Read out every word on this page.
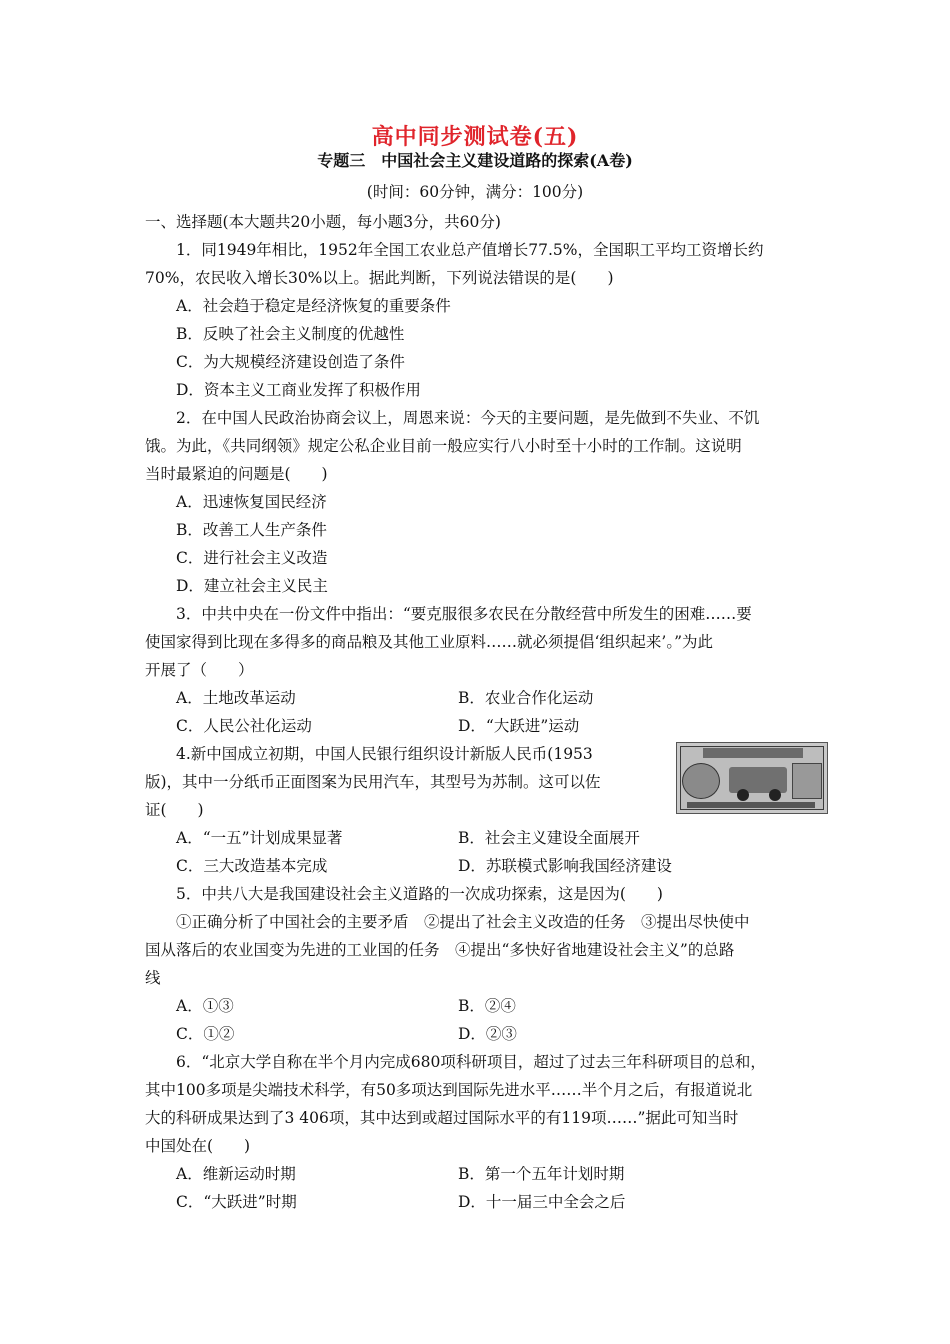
高中同步测试卷(五)
专题三　中国社会主义建设道路的探索(A卷)
(时间：60分钟，满分：100分)
一、选择题(本大题共20小题，每小题3分，共60分)
1．同1949年相比，1952年全国工农业总产值增长77.5%，全国职工平均工资增长约
70%，农民收入增长30%以上。据此判断，下列说法错误的是(　　)
A．社会趋于稳定是经济恢复的重要条件
B．反映了社会主义制度的优越性
C．为大规模经济建设创造了条件
D．资本主义工商业发挥了积极作用
2．在中国人民政治协商会议上，周恩来说：今天的主要问题，是先做到不失业、不饥
饿。为此，《共同纲领》规定公私企业目前一般应实行八小时至十小时的工作制。这说明
当时最紧迫的问题是(　　)
A．迅速恢复国民经济
B．改善工人生产条件
C．进行社会主义改造
D．建立社会主义民主
3．中共中央在一份文件中指出：“要克服很多农民在分散经营中所发生的困难……要
使国家得到比现在多得多的商品粮及其他工业原料……就必须提倡‘组织起来’。”为此
开展了（　　）
A．土地改革运动	B．农业合作化运动
C．人民公社化运动	D．“大跃进”运动
4.新中国成立初期，中国人民银行组织设计新版人民币(1953
版)，其中一分纸币正面图案为民用汽车，其型号为苏制。这可以佐
证(　　)
A．“一五”计划成果显著	B．社会主义建设全面展开
C．三大改造基本完成	D．苏联模式影响我国经济建设
5．中共八大是我国建设社会主义道路的一次成功探索，这是因为(　　)
①正确分析了中国社会的主要矛盾　②提出了社会主义改造的任务　③提出尽快使中
国从落后的农业国变为先进的工业国的任务　④提出“多快好省地建设社会主义”的总路
线
A．①③	B．②④
C．①②	D．②③
6．“北京大学自称在半个月内完成680项科研项目，超过了过去三年科研项目的总和，
其中100多项是尖端技术科学，有50多项达到国际先进水平……半个月之后，有报道说北
大的科研成果达到了3 406项，其中达到或超过国际水平的有119项……”据此可知当时
中国处在(　　)
A．维新运动时期	B．第一个五年计划时期
C．“大跃进”时期	D．十一届三中全会之后
